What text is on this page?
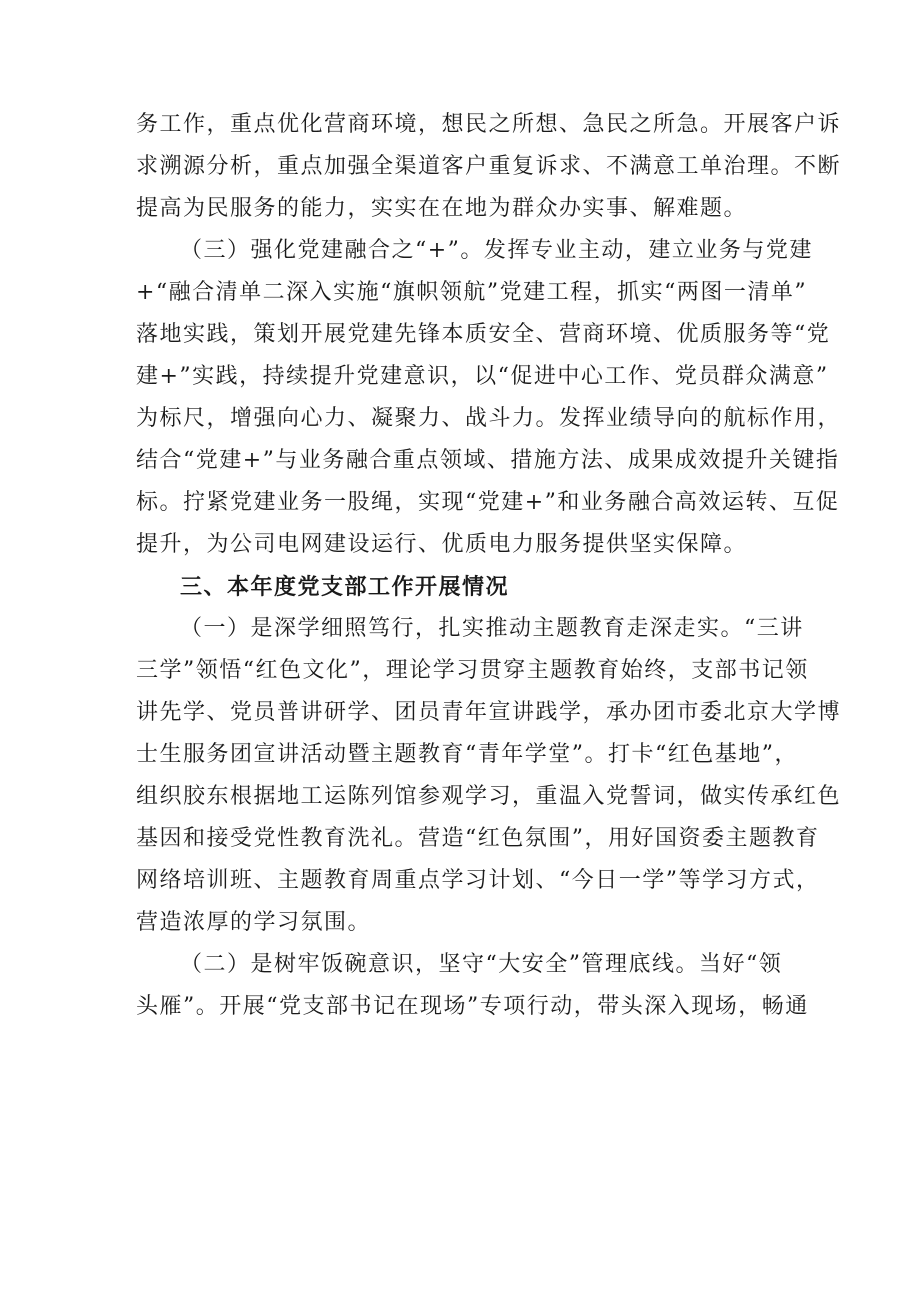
务工作，重点优化营商环境，想民之所想、急民之所急。开展客户诉
求溯源分析，重点加强全渠道客户重复诉求、不满意工单治理。不断
提高为民服务的能力，实实在在地为群众办实事、解难题。
（三）强化党建融合之“+”。发挥专业主动，建立业务与党建
+“融合清单二深入实施“旗帜领航”党建工程，抓实“两图一清单”
落地实践，策划开展党建先锋本质安全、营商环境、优质服务等“党
建+”实践，持续提升党建意识，以“促进中心工作、党员群众满意”
为标尺，增强向心力、凝聚力、战斗力。发挥业绩导向的航标作用，
结合“党建+”与业务融合重点领域、措施方法、成果成效提升关键指
标。拧紧党建业务一股绳，实现“党建+”和业务融合高效运转、互促
提升，为公司电网建设运行、优质电力服务提供坚实保障。
三、本年度党支部工作开展情况
（一）是深学细照笃行，扎实推动主题教育走深走实。“三讲
三学”领悟“红色文化”，理论学习贯穿主题教育始终，支部书记领
讲先学、党员普讲研学、团员青年宣讲践学，承办团市委北京大学博
士生服务团宣讲活动暨主题教育“青年学堂”。打卡“红色基地”，
组织胶东根据地工运陈列馆参观学习，重温入党誓词，做实传承红色
基因和接受党性教育洗礼。营造“红色氛围”，用好国资委主题教育
网络培训班、主题教育周重点学习计划、“今日一学”等学习方式，
营造浓厚的学习氛围。
（二）是树牢饭碗意识，坚守“大安全”管理底线。当好“领
头雁”。开展“党支部书记在现场”专项行动，带头深入现场，畅通
